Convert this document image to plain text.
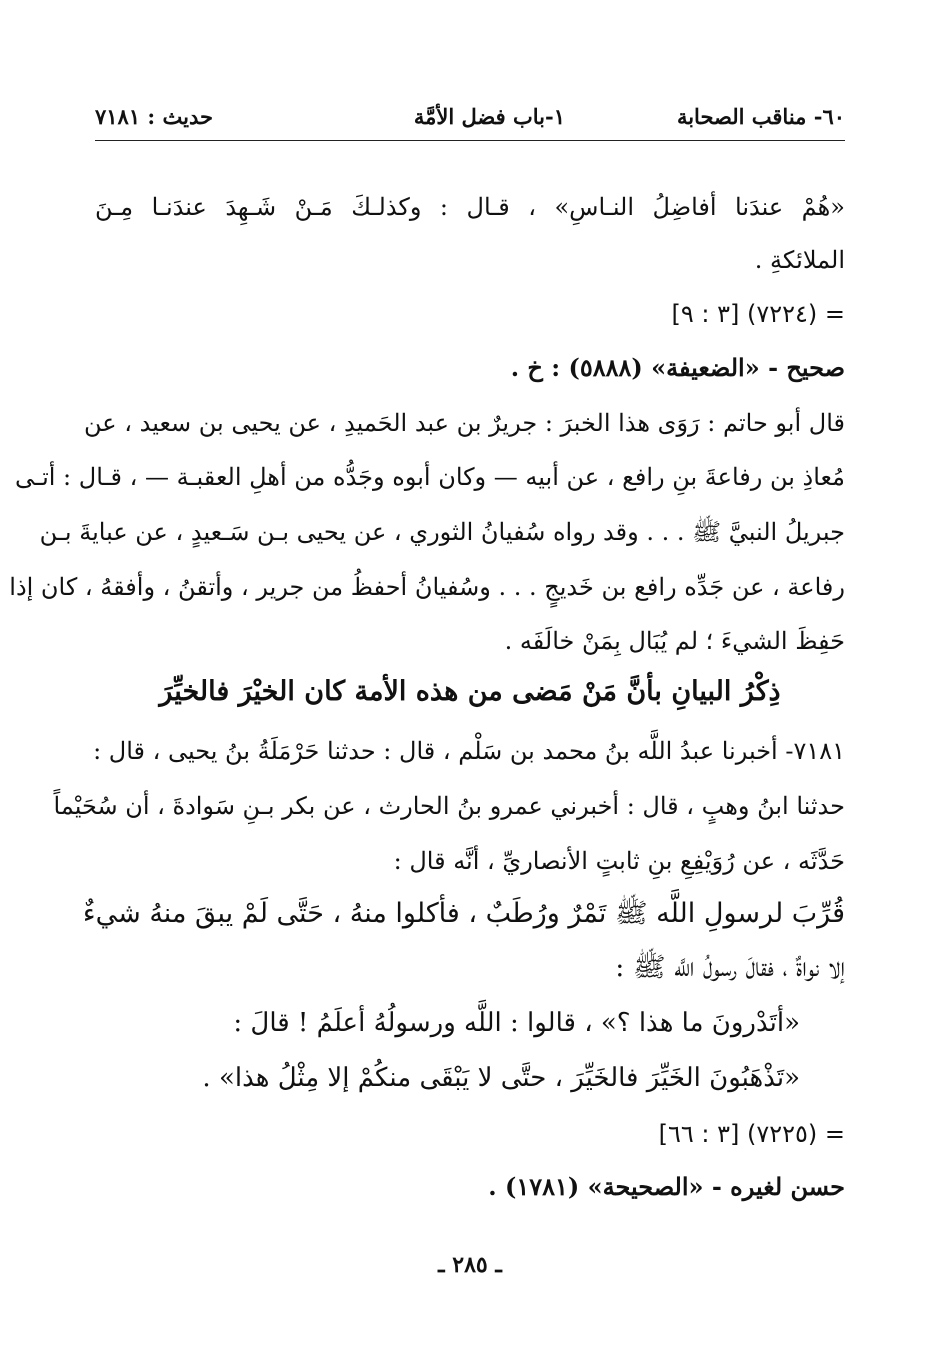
٦٠- مناقب الصحابة
١-باب فضل الأمَّة
حديث : ٧١٨١
«هُمْ عندَنا أفاضِلُ النـاسِ» ، قـال : وكذلـكَ مَـنْ شَـهِدَ عندَنـا مِـنَ
الملائكةِ .
= (٧٢٢٤) [٣ : ٩]
صحيح - «الضعيفة» (٥٨٨٨) : خ .
قال أبو حاتم : رَوَى هذا الخبرَ : جريرٌ بن عبد الحَميدِ ، عن يحيى بن سعيد ، عن
مُعاذِ بن رفاعةَ بنِ رافع ، عن أبيه — وكان أبوه وجَدُّه من أهلِ العقبـة — ، قـال : أتـى
جبريلُ النبيَّ ﷺ . . . وقد رواه سُفيانُ الثوري ، عن يحيى بـن سَـعيدٍ ، عن عبايةَ بـن
رفاعة ، عن جَدِّه رافع بن خَديجٍ . . . وسُفيانُ أحفظُ من جرير ، وأتقنُ ، وأفقهُ ، كان إذا
حَفِظَ الشيءَ ؛ لم يُبَال بِمَنْ خالَفَه .
ذِكْرُ البيانِ بأنَّ مَنْ مَضى من هذه الأمة كان الخيْرَ فالخيِّرَ
٧١٨١- أخبرنا عبدُ اللَّه بنُ محمد بن سَلْم ، قال : حدثنا حَرْمَلَةُ بنُ يحيى ، قال :
حدثنا ابنُ وهبٍ ، قال : أخبرني عمرو بنُ الحارث ، عن بكر بـنِ سَوادةَ ، أن سُحَيْماً
حَدَّثَه ، عن رُوَيْفِعِ بنِ ثابتٍ الأنصاريِّ ، أنَّه قال :
قُرِّبَ لرسولِ اللَّه ﷺ تَمْرٌ ورُطَبٌ ، فأكلوا منهُ ، حَتَّى لَمْ يبقَ منهُ شيءٌ
إلا نواةٌ ، فقالَ رسولُ اللَّه ﷺ :
«أتَدْرونَ ما هذا ؟» ، قالوا : اللَّه ورسولُهُ أعلَمُ ! قالَ :
«تَذْهَبُونَ الخَيِّرَ فالخَيِّرَ ، حتَّى لا يَبْقَى منكُمْ إلا مِثْلُ هذا» .
= (٧٢٢٥) [٣ : ٦٦]
حسن لغيره - «الصحيحة» (١٧٨١) .
ـ ٢٨٥ ـ
